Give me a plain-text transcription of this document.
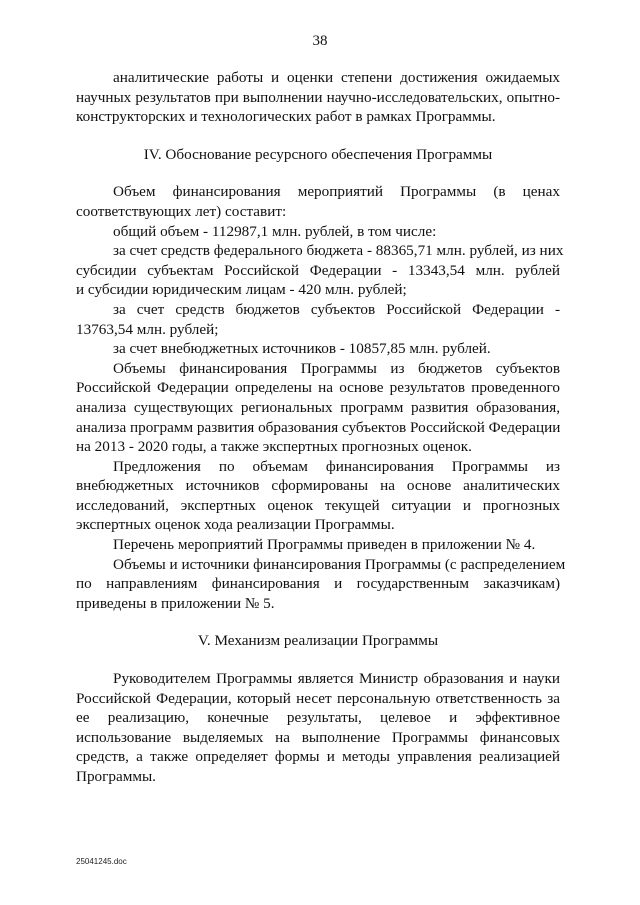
38
аналитические работы и оценки степени достижения ожидаемых
научных результатов при выполнении научно-исследовательских, опытно-
конструкторских и технологических работ в рамках Программы.
IV. Обоснование ресурсного обеспечения Программы
Объем финансирования мероприятий Программы (в ценах
соответствующих лет) составит:
общий объем - 112987,1 млн. рублей, в том числе:
за счет средств федерального бюджета - 88365,71 млн. рублей, из них
субсидии субъектам Российской Федерации - 13343,54 млн. рублей
и субсидии юридическим лицам - 420 млн. рублей;
за счет средств бюджетов субъектов Российской Федерации -
13763,54 млн. рублей;
за счет внебюджетных источников - 10857,85 млн. рублей.
Объемы финансирования Программы из бюджетов субъектов
Российской Федерации определены на основе результатов проведенного
анализа существующих региональных программ развития образования,
анализа программ развития образования субъектов Российской Федерации
на 2013 - 2020 годы, а также экспертных прогнозных оценок.
Предложения по объемам финансирования Программы из
внебюджетных источников сформированы на основе аналитических
исследований, экспертных оценок текущей ситуации и прогнозных
экспертных оценок хода реализации Программы.
Перечень мероприятий Программы приведен в приложении № 4.
Объемы и источники финансирования Программы (с распределением
по направлениям финансирования и государственным заказчикам)
приведены в приложении № 5.
V. Механизм реализации Программы
Руководителем Программы является Министр образования и науки
Российской Федерации, который несет персональную ответственность за
ее реализацию, конечные результаты, целевое и эффективное
использование выделяемых на выполнение Программы финансовых
средств, а также определяет формы и методы управления реализацией
Программы.
25041245.doc
